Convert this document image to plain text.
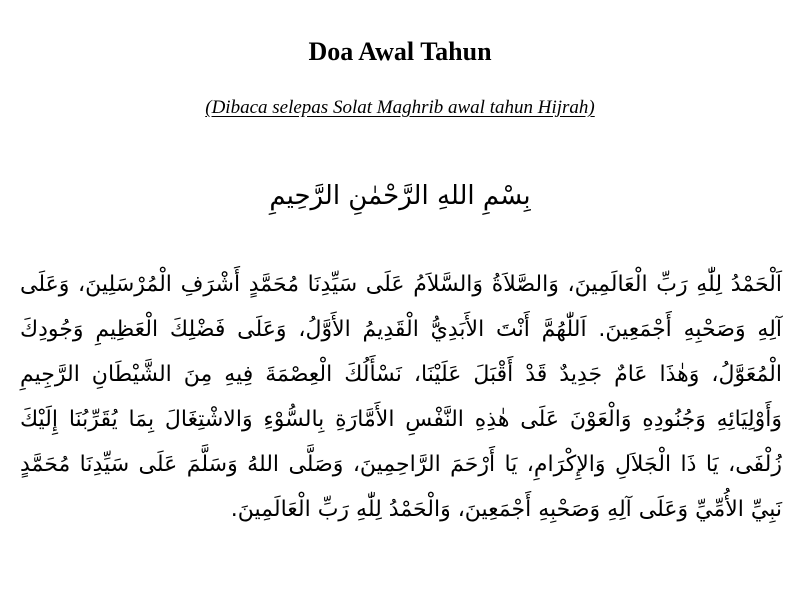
Doa Awal Tahun

(Dibaca selepas Solat Maghrib awal tahun Hijrah)

بِسْمِ اللهِ الرَّحْمٰنِ الرَّحِيمِ

اَلْحَمْدُ لِلّٰهِ رَبِّ الْعَالَمِينَ، وَالصَّلاَةُ وَالسَّلاَمُ عَلَى سَيِّدِنَا مُحَمَّدٍ أَشْرَفِ الْمُرْسَلِينَ، وَعَلَى آلِهِ وَصَحْبِهِ أَجْمَعِينَ. اَللّٰهُمَّ أَنْتَ الأَبَدِيُّ الْقَدِيمُ الأَوَّلُ، وَعَلَى فَضْلِكَ الْعَظِيمِ وَجُودِكَ الْمُعَوَّلُ، وَهٰذَا عَامٌ جَدِيدٌ قَدْ أَقْبَلَ عَلَيْنَا، نَسْأَلُكَ الْعِصْمَةَ فِيهِ مِنَ الشَّيْطَانِ الرَّجِيمِ وَأَوْلِيَائِهِ وَجُنُودِهِ وَالْعَوْنَ عَلَى هٰذِهِ النَّفْسِ الأَمَّارَةِ بِالسُّوْءِ وَالاشْتِغَالَ بِمَا يُقَرِّبُنَا إِلَيْكَ زُلْفَى، يَا ذَا الْجَلاَلِ وَالإِكْرَامِ، يَا أَرْحَمَ الرَّاحِمِينَ، وَصَلَّى اللهُ وَسَلَّمَ عَلَى سَيِّدِنَا مُحَمَّدٍ نَبِيِّ الأُمِّيِّ وَعَلَى آلِهِ وَصَحْبِهِ أَجْمَعِينَ، وَالْحَمْدُ لِلّٰهِ رَبِّ الْعَالَمِينَ.
